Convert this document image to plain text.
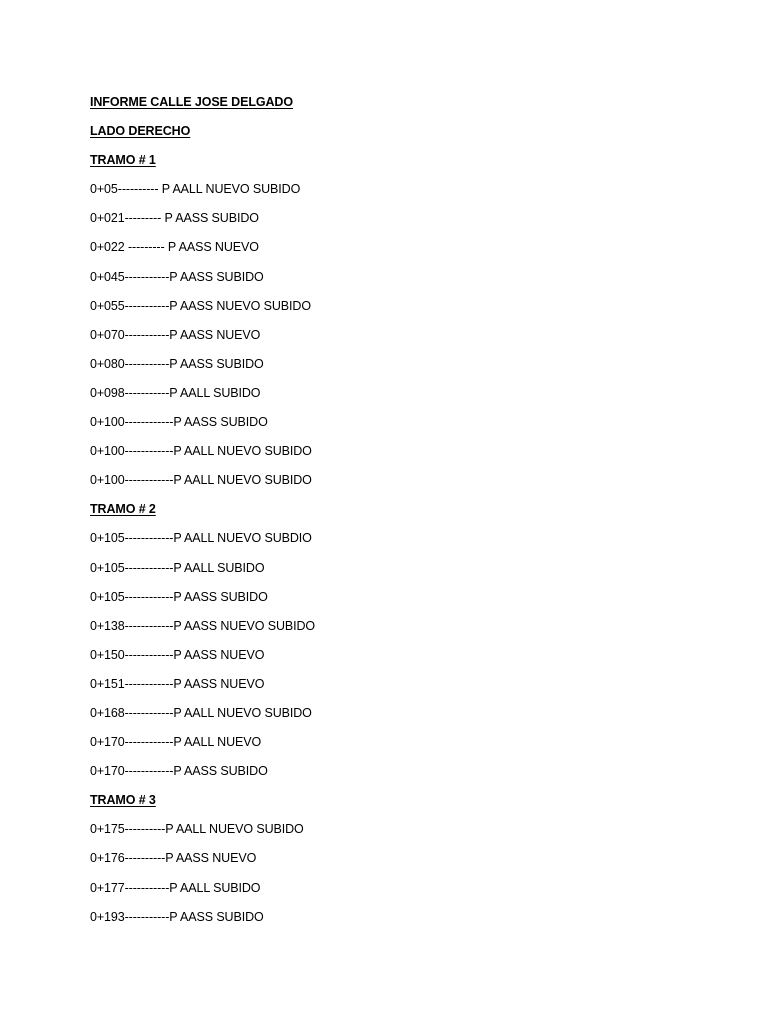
INFORME CALLE JOSE DELGADO
LADO DERECHO
TRAMO # 1
0+05---------- P AALL NUEVO SUBIDO
0+021--------- P AASS SUBIDO
0+022 --------- P AASS NUEVO
0+045-----------P AASS SUBIDO
0+055-----------P AASS NUEVO SUBIDO
0+070-----------P AASS NUEVO
0+080-----------P AASS SUBIDO
0+098-----------P AALL SUBIDO
0+100------------P AASS SUBIDO
0+100------------P AALL NUEVO SUBIDO
0+100------------P AALL NUEVO SUBIDO
TRAMO # 2
0+105------------P AALL NUEVO SUBDIO
0+105------------P AALL SUBIDO
0+105------------P AASS SUBIDO
0+138------------P AASS NUEVO SUBIDO
0+150------------P AASS NUEVO
0+151------------P AASS NUEVO
0+168------------P AALL NUEVO SUBIDO
0+170------------P AALL NUEVO
0+170------------P AASS SUBIDO
TRAMO # 3
0+175----------P AALL NUEVO SUBIDO
0+176----------P AASS NUEVO
0+177-----------P AALL SUBIDO
0+193-----------P AASS SUBIDO
